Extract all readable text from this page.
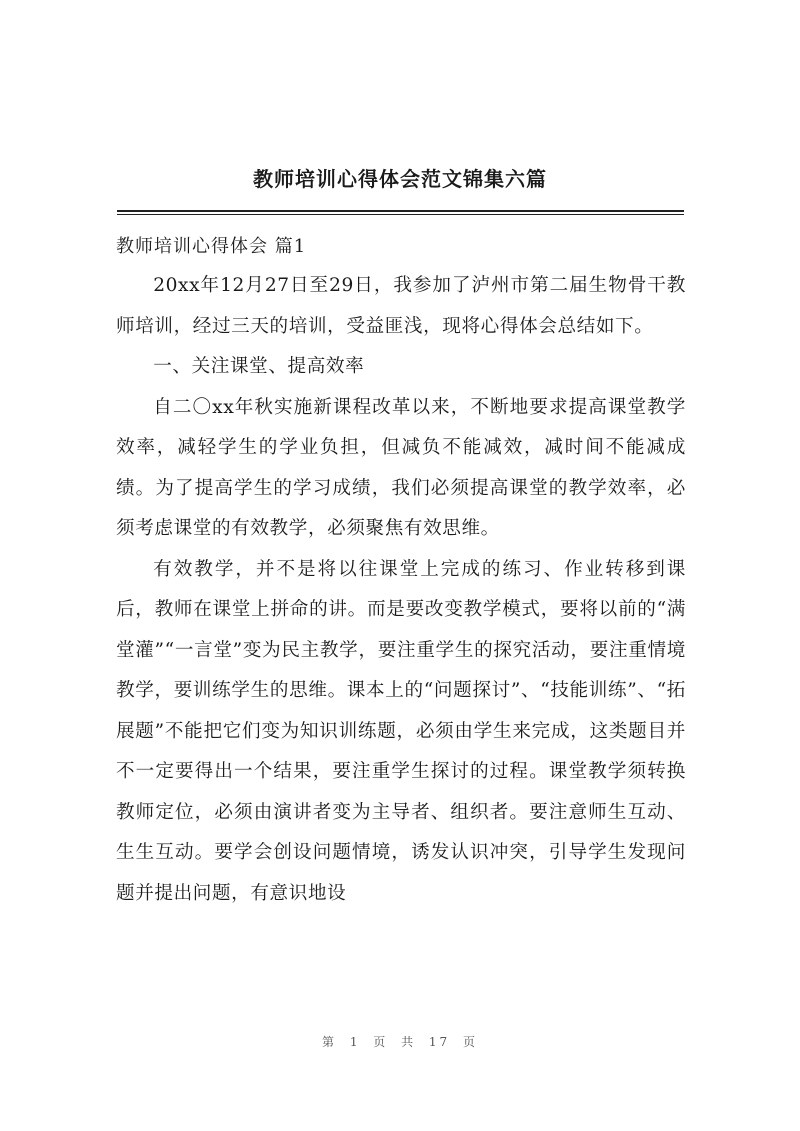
教师培训心得体会范文锦集六篇
教师培训心得体会 篇1

20xx年12月27日至29日，我参加了泸州市第二届生物骨干教师培训，经过三天的培训，受益匪浅，现将心得体会总结如下。

一、关注课堂、提高效率

自二〇xx年秋实施新课程改革以来，不断地要求提高课堂教学效率，减轻学生的学业负担，但减负不能减效，减时间不能减成绩。为了提高学生的学习成绩，我们必须提高课堂的教学效率，必须考虑课堂的有效教学，必须聚焦有效思维。

有效教学，并不是将以往课堂上完成的练习、作业转移到课后，教师在课堂上拼命的讲。而是要改变教学模式，要将以前的“满堂灌”“一言堂”变为民主教学，要注重学生的探究活动，要注重情境教学，要训练学生的思维。课本上的“问题探讨”、“技能训练”、“拓展题”不能把它们变为知识训练题，必须由学生来完成，这类题目并不一定要得出一个结果，要注重学生探讨的过程。课堂教学须转换教师定位，必须由演讲者变为主导者、组织者。要注意师生互动、生生互动。要学会创设问题情境，诱发认识冲突，引导学生发现问题并提出问题，有意识地设

第 1 页 共 17 页
